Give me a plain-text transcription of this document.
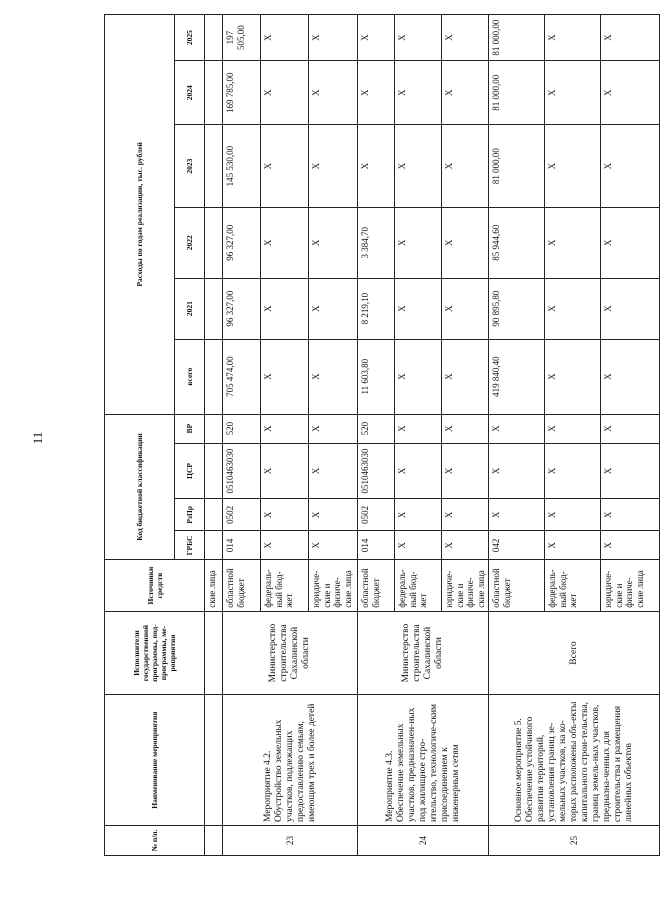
11
№ п/п.	Наименование мероприятия	Исполнители государственной программы, под-программы, ме-роприятия	Источники средств	Код бюджетной классификации				Расходы по годам реализации, тыс. рублей					
				ГРБС	РзПр	ЦСР	ВР	всего	2021	2022	2023	2024	2025
			ские лица										
23	Мероприятие 4.2. Обустройство земельных участков, подлежащих предоставлению семьям, имеющим трех и более детей	Министерство строительства Сахалинской области	областной бюджет	014	0502	0510463030	520	705 474,00	96 327,00	96 327,00	145 530,00	169 785,00	197 505,00
			федераль-ный бюд-жет	X	X	X	X	X	X	X	X	X	X
			юридиче-ские и физиче-ские лица	X	X	X	X	X	X	X	X	X	X
24	Мероприятие 4.3. Обеспечение земельных участков, предназначен-ных под жилищное стро-ительство, технологиче-ским присоединением к инженерным сетям	Министерство строительства Сахалинской области	областной бюджет	014	0502	0510463030	520	11 603,80	8 219,10	3 384,70	X	X	X
			федераль-ный бюд-жет	X	X	X	X	X	X	X	X	X	X
			юридиче-ские и физиче-ские лица	X	X	X	X	X	X	X	X	X	X
25	Основное мероприятие 5. Обеспечение устойчивого развития территорий, установления границ зе-мельных участков, на ко-торых расположены объ-екты капитального строи-тельства, границ земель-ных участков, предназна-ченных для строительства и размещения линейных объектов	Всего	областной бюджет	042	X	X	X	419 840,40	90 895,80	85 944,60	81 000,00	81 000,00	81 000,00
			федераль-ный бюд-жет	X	X	X	X	X	X	X	X	X	X
			юридиче-ские и физиче-ские лица	X	X	X	X	X	X	X	X	X	X
